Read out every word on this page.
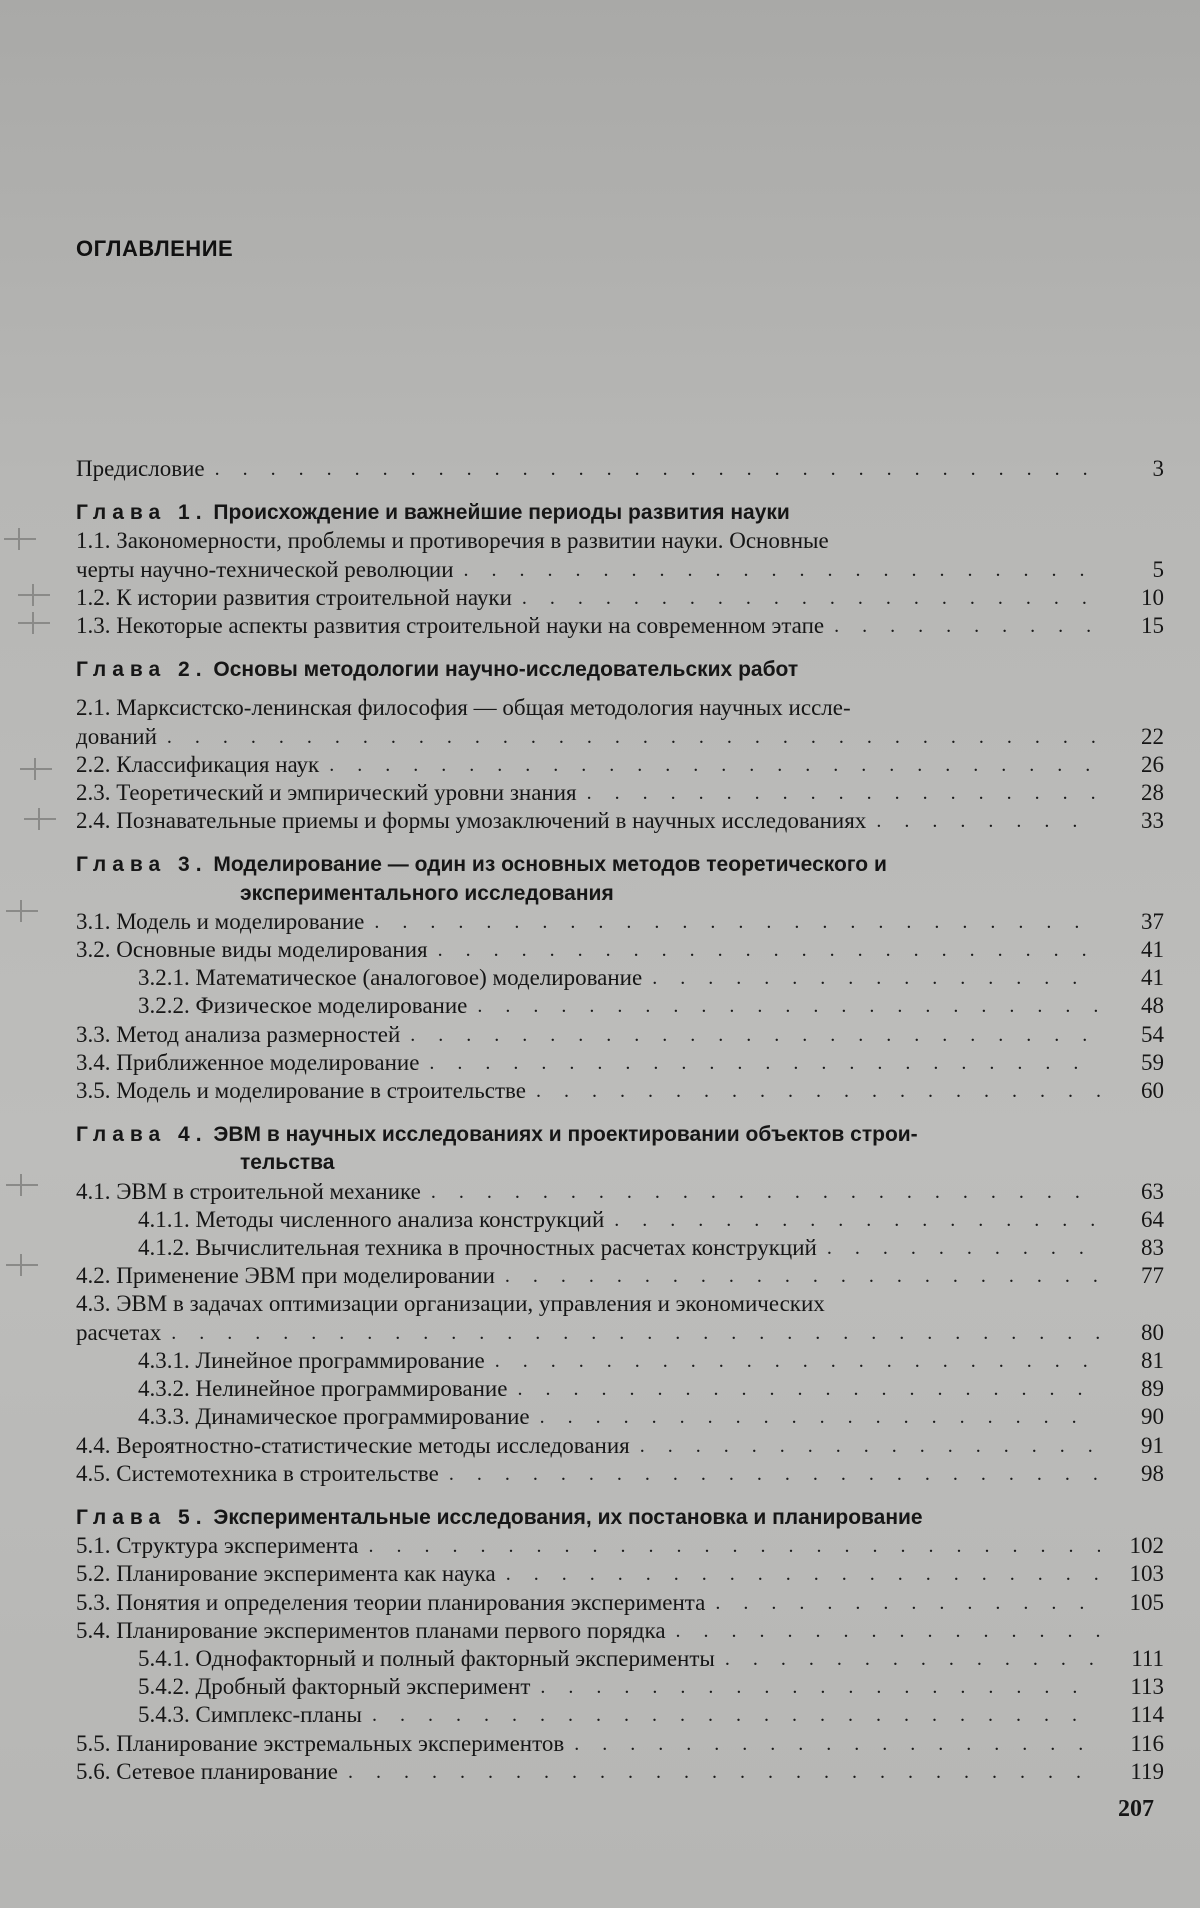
ОГЛАВЛЕНИЕ
Предисловие . . .	3
Глава 1. Происхождение и важнейшие периоды развития науки
1.1. Закономерности, проблемы и противоречия в развитии науки. Основные
черты научно-технической революции . . .	5
1.2. К истории развития строительной науки . . .	10
1.3. Некоторые аспекты развития строительной науки на современном этапе . . .	15
Глава 2. Основы методологии научно-исследовательских работ
2.1. Марксистско-ленинская философия — общая методология научных иссле-
дований . . .	22
2.2. Классификация наук . . .	26
2.3. Теоретический и эмпирический уровни знания . . .	28
2.4. Познавательные приемы и формы умозаключений в научных исследованиях . . .	33
Глава 3. Моделирование — один из основных методов теоретического и
экспериментального исследования
3.1. Модель и моделирование . . .	37
3.2. Основные виды моделирования . . .	41
3.2.1. Математическое (аналоговое) моделирование . . .	41
3.2.2. Физическое моделирование . . .	48
3.3. Метод анализа размерностей . . .	54
3.4. Приближенное моделирование . . .	59
3.5. Модель и моделирование в строительстве . . .	60
Глава 4. ЭВМ в научных исследованиях и проектировании объектов строи-
тельства
4.1. ЭВМ в строительной механике . . .	63
4.1.1. Методы численного анализа конструкций . . .	64
4.1.2. Вычислительная техника в прочностных расчетах конструкций . . .	83
4.2. Применение ЭВМ при моделировании . . .	77
4.3. ЭВМ в задачах оптимизации организации, управления и экономических
расчетах . . .	80
4.3.1. Линейное программирование . . .	81
4.3.2. Нелинейное программирование . . .	89
4.3.3. Динамическое программирование . . .	90
4.4. Вероятностно-статистические методы исследования . . .	91
4.5. Системотехника в строительстве . . .	98
Глава 5. Экспериментальные исследования, их постановка и планирование
5.1. Структура эксперимента . . .	102
5.2. Планирование эксперимента как наука . . .	103
5.3. Понятия и определения теории планирования эксперимента . . .	105
5.4. Планирование экспериментов планами первого порядка
. . .
5.4.1. Однофакторный и полный факторный эксперименты . . .	111
5.4.2. Дробный факторный эксперимент . . .	113
5.4.3. Симплекс-планы . . .	114
5.5. Планирование экстремальных экспериментов . . .	116
5.6. Сетевое планирование . . .	119
207
